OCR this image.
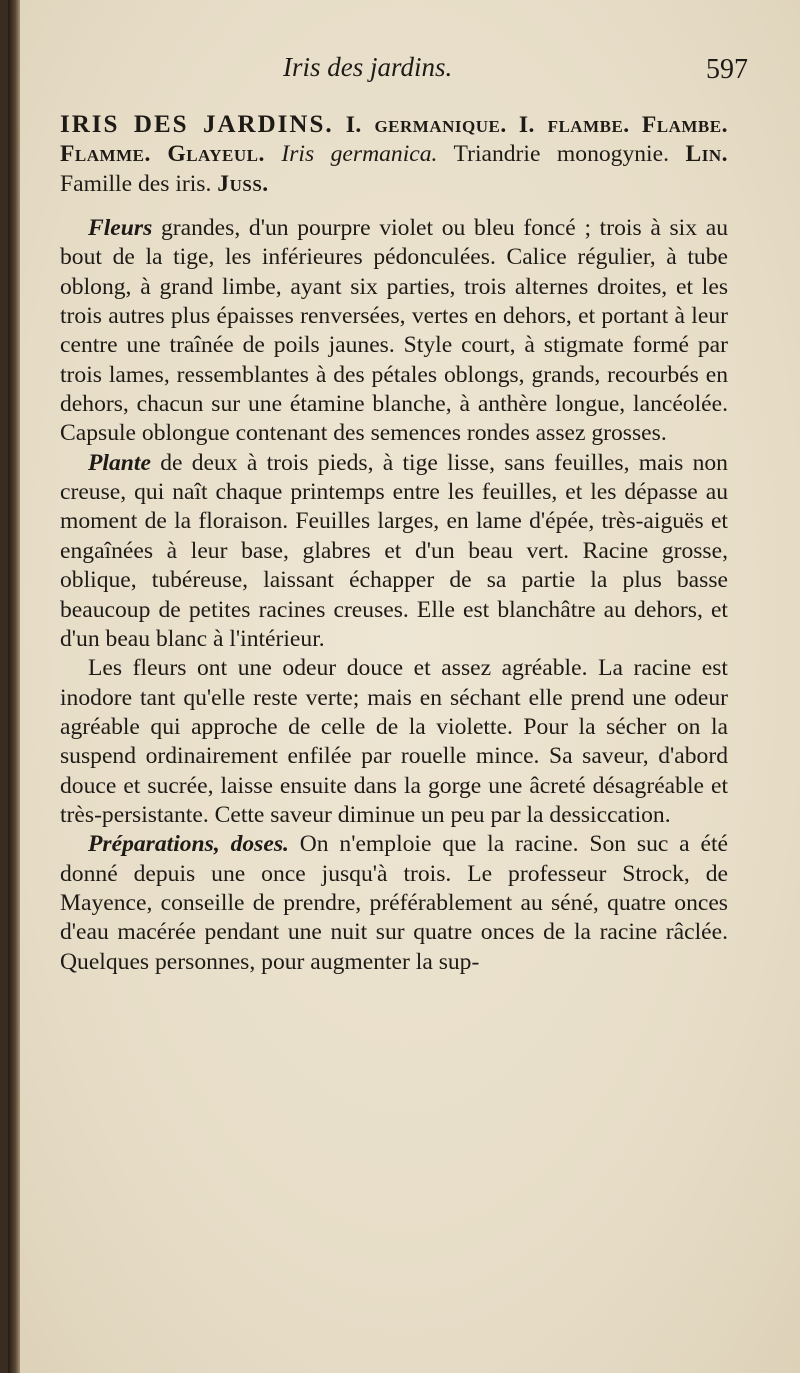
Iris des jardins.	597

IRIS DES JARDINS. I. germanique. I. flambe. Flambe. Flamme. Glayeul. Iris germanica. Triandrie monogynie. Lin. Famille des iris. Juss.

Fleurs grandes, d'un pourpre violet ou bleu foncé ; trois à six au bout de la tige, les inférieures pédonculées. Calice régulier, à tube oblong, à grand limbe, ayant six parties, trois alternes droites, et les trois autres plus épaisses renversées, vertes en dehors, et portant à leur centre une traînée de poils jaunes. Style court, à stigmate formé par trois lames, ressemblantes à des pétales oblongs, grands, recourbés en dehors, chacun sur une étamine blanche, à anthère longue, lancéolée. Capsule oblongue contenant des semences rondes assez grosses.

Plante de deux à trois pieds, à tige lisse, sans feuilles, mais non creuse, qui naît chaque printemps entre les feuilles, et les dépasse au moment de la floraison. Feuilles larges, en lame d'épée, très-aiguës et engaînées à leur base, glabres et d'un beau vert. Racine grosse, oblique, tubéreuse, laissant échapper de sa partie la plus basse beaucoup de petites racines creuses. Elle est blanchâtre au dehors, et d'un beau blanc à l'intérieur.

Les fleurs ont une odeur douce et assez agréable. La racine est inodore tant qu'elle reste verte; mais en séchant elle prend une odeur agréable qui approche de celle de la violette. Pour la sécher on la suspend ordinairement enfilée par rouelle mince. Sa saveur, d'abord douce et sucrée, laisse ensuite dans la gorge une âcreté désagréable et très-persistante. Cette saveur diminue un peu par la dessiccation.

Préparations, doses. On n'emploie que la racine. Son suc a été donné depuis une once jusqu'à trois. Le professeur Strock, de Mayence, conseille de prendre, préférablement au séné, quatre onces d'eau macérée pendant une nuit sur quatre onces de la racine râclée. Quelques personnes, pour augmenter la sup-
